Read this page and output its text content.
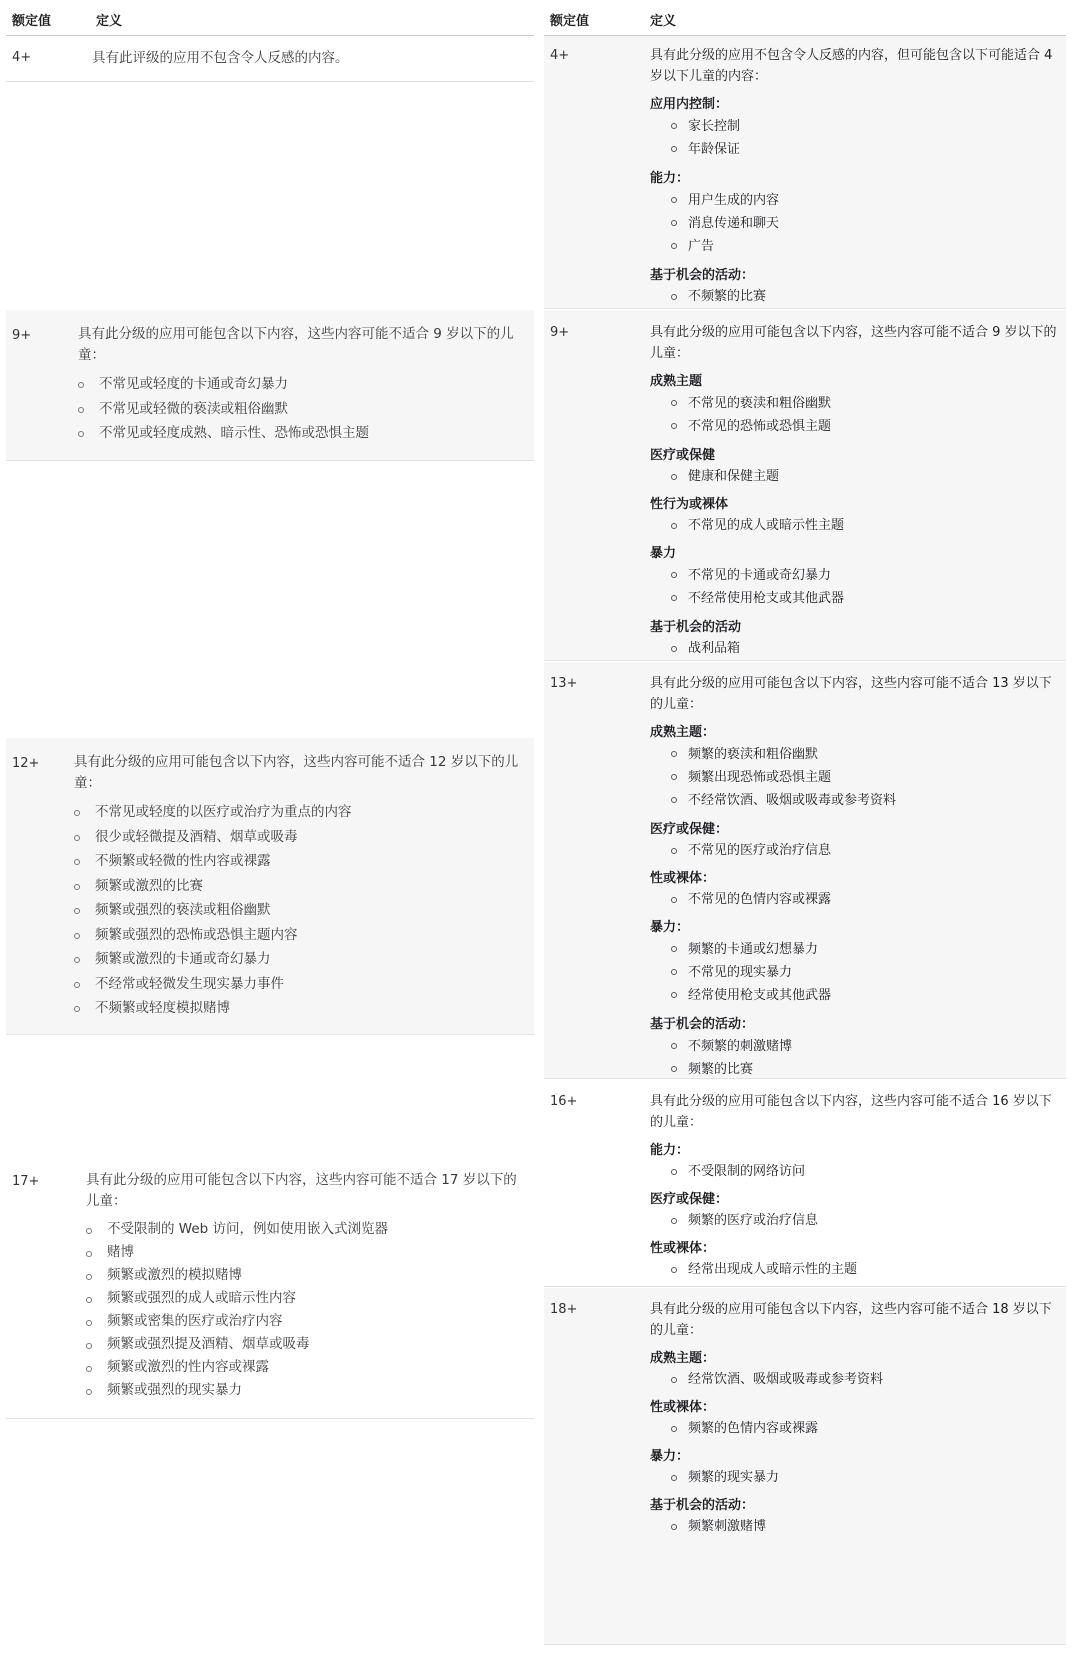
额定值	定义
4+	具有此评级的应用不包含令人反感的内容。

9+	具有此分级的应用可能包含以下内容，这些内容可能不适合 9 岁以下的儿童：

不常见或轻度的卡通或奇幻暴力
不常见或轻微的亵渎或粗俗幽默
不常见或轻度成熟、暗示性、恐怖或恐惧主题
12+	具有此分级的应用可能包含以下内容，这些内容可能不适合 12 岁以下的儿童：

不常见或轻度的以医疗或治疗为重点的内容
很少或轻微提及酒精、烟草或吸毒
不频繁或轻微的性内容或裸露
频繁或激烈的比赛
频繁或强烈的亵渎或粗俗幽默
频繁或强烈的恐怖或恐惧主题内容
频繁或激烈的卡通或奇幻暴力
不经常或轻微发生现实暴力事件
不频繁或轻度模拟赌博
17+	具有此分级的应用可能包含以下内容，这些内容可能不适合 17 岁以下的儿童：

不受限制的 Web 访问，例如使用嵌入式浏览器
赌博
频繁或激烈的模拟赌博
频繁或强烈的成人或暗示性内容
频繁或密集的医疗或治疗内容
频繁或强烈提及酒精、烟草或吸毒
频繁或激烈的性内容或裸露
频繁或强烈的现实暴力
额定值	定义
4+	具有此分级的应用不包含令人反感的内容，但可能包含以下可能适合 4 岁以下儿童的内容：

应用内控制：
家长控制
年龄保证
能力：
用户生成的内容
消息传递和聊天
广告
基于机会的活动：
不频繁的比赛
9+	具有此分级的应用可能包含以下内容，这些内容可能不适合 9 岁以下的儿童：

成熟主题
不常见的亵渎和粗俗幽默
不常见的恐怖或恐惧主题
医疗或保健
健康和保健主题
性行为或裸体
不常见的成人或暗示性主题
暴力
不常见的卡通或奇幻暴力
不经常使用枪支或其他武器
基于机会的活动
战利品箱
13+	具有此分级的应用可能包含以下内容，这些内容可能不适合 13 岁以下的儿童：

成熟主题：
频繁的亵渎和粗俗幽默
频繁出现恐怖或恐惧主题
不经常饮酒、吸烟或吸毒或参考资料
医疗或保健：
不常见的医疗或治疗信息
性或裸体：
不常见的色情内容或裸露
暴力：
频繁的卡通或幻想暴力
不常见的现实暴力
经常使用枪支或其他武器
基于机会的活动：
不频繁的刺激赌博
频繁的比赛
16+	具有此分级的应用可能包含以下内容，这些内容可能不适合 16 岁以下的儿童：

能力：
不受限制的网络访问
医疗或保健：
频繁的医疗或治疗信息
性或裸体：
经常出现成人或暗示性的主题
18+	具有此分级的应用可能包含以下内容，这些内容可能不适合 18 岁以下的儿童：

成熟主题：
经常饮酒、吸烟或吸毒或参考资料
性或裸体：
频繁的色情内容或裸露
暴力：
频繁的现实暴力
基于机会的活动：
频繁刺激赌博
